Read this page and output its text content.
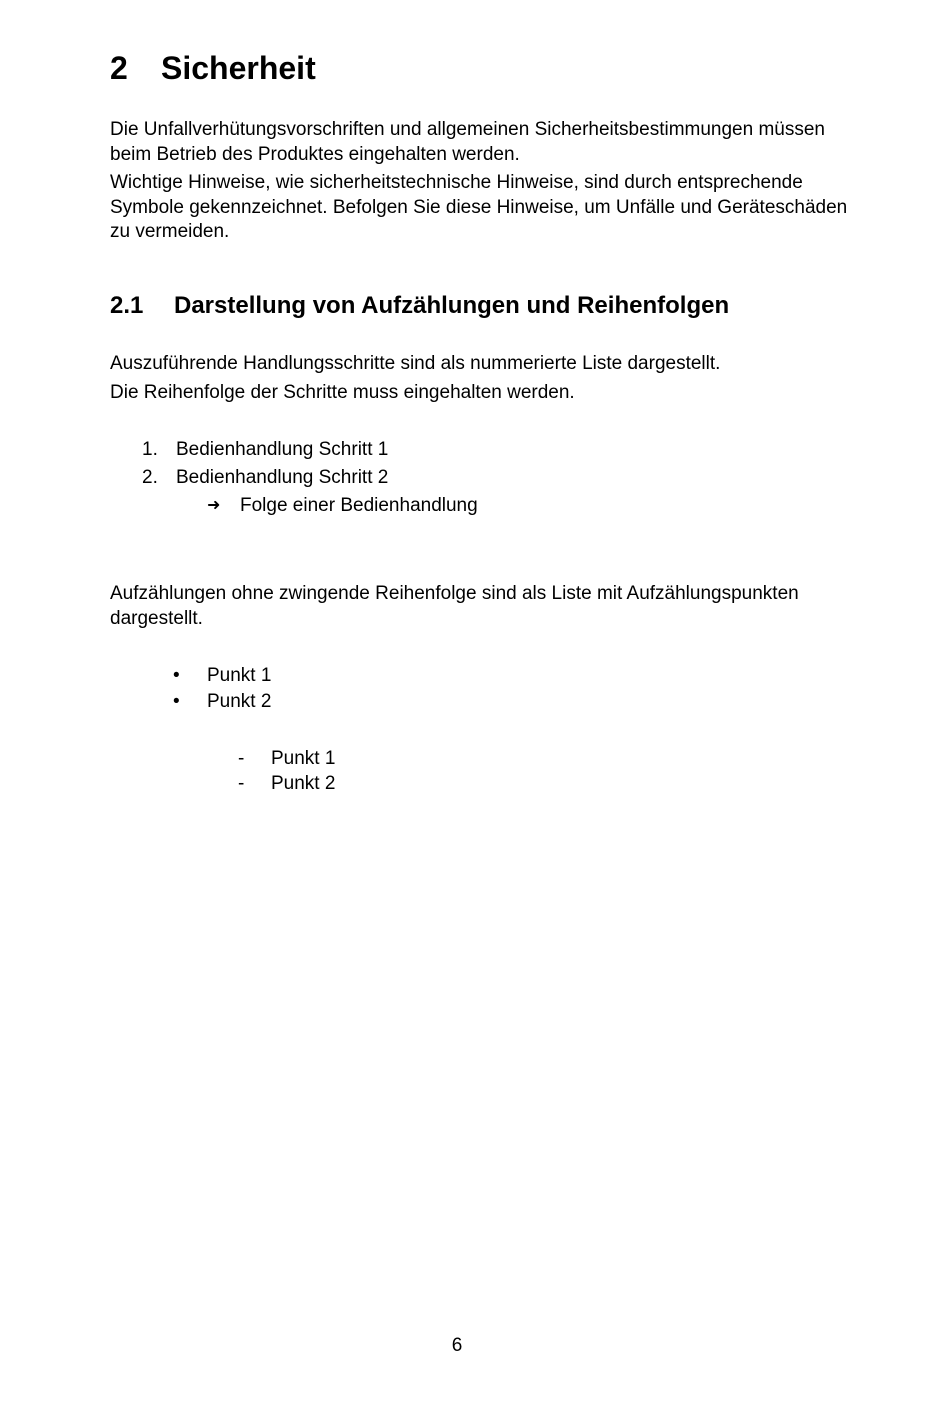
2 Sicherheit
Die Unfallverhütungsvorschriften und allgemeinen Sicherheitsbestimmungen müssen beim Betrieb des Produktes eingehalten werden.
Wichtige Hinweise, wie sicherheitstechnische Hinweise, sind durch entsprechende Symbole gekennzeichnet. Befolgen Sie diese Hinweise, um Unfälle und Geräteschäden zu vermeiden.
2.1 Darstellung von Aufzählungen und Reihenfolgen
Auszuführende Handlungsschritte sind als nummerierte Liste dargestellt.
Die Reihenfolge der Schritte muss eingehalten werden.
1. Bedienhandlung Schritt 1
2. Bedienhandlung Schritt 2
➜ Folge einer Bedienhandlung
Aufzählungen ohne zwingende Reihenfolge sind als Liste mit Aufzählungspunkten dargestellt.
• Punkt 1
• Punkt 2
- Punkt 1
- Punkt 2
6
